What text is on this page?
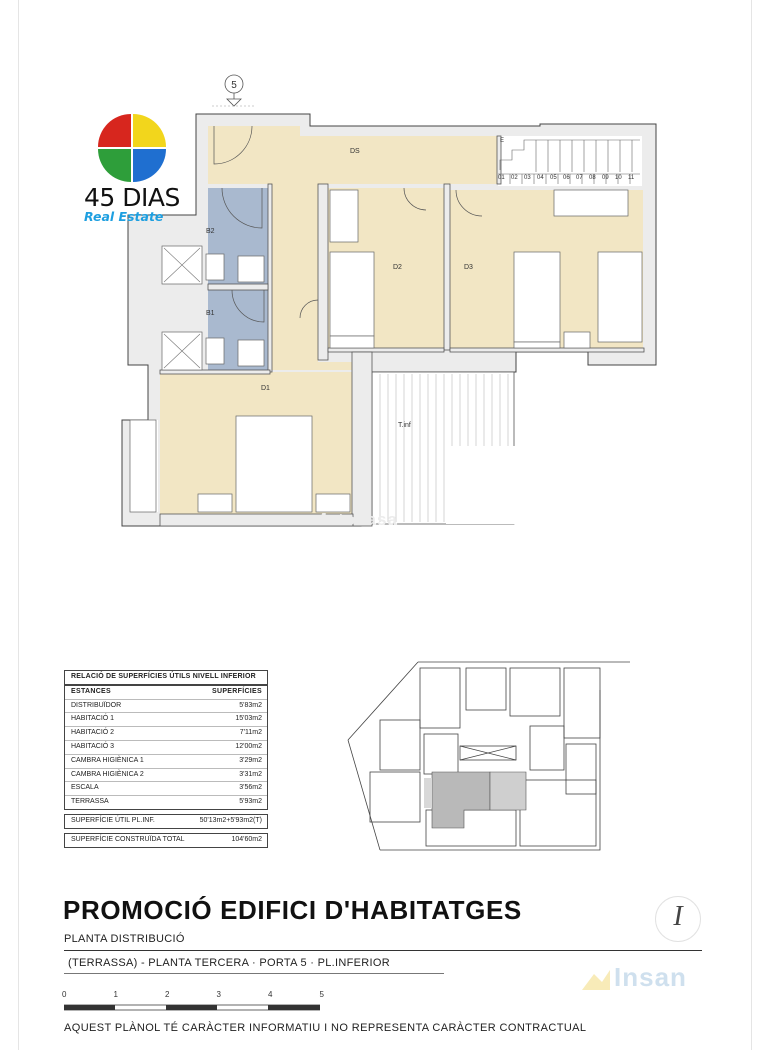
5
DS
B2
B1
D1
D2	D3
T.inf
E
01	02	03	04	05	06	07	08	09	10	11
fotocasa
45 DIAS
Real Estate
RELACIÓ DE SUPERFÍCIES ÚTILS NIVELL INFERIOR
ESTANCES	SUPERFÍCIES
DISTRIBUÏDOR	5'83m2
HABITACIÓ 1	15'03m2
HABITACIÓ 2	7'11m2
HABITACIÓ 3	12'00m2
CAMBRA HIGIÈNICA 1	3'29m2
CAMBRA HIGIÈNICA 2	3'31m2
ESCALA	3'56m2
TERRASSA	5'93m2
SUPERFÍCIE ÚTIL PL.INF.	50'13m2+5'93m2(T)
SUPERFÍCIE CONSTRUÏDA TOTAL	104'60m2
PROMOCIÓ EDIFICI D'HABITATGES	I
PLANTA DISTRIBUCIÓ
(TERRASSA) - PLANTA TERCERA · PORTA 5 · PL.INFERIOR	Insan
0	1	2	3	4	5
AQUEST PLÀNOL TÉ CARÀCTER INFORMATIU I NO REPRESENTA CARÀCTER CONTRACTUAL
